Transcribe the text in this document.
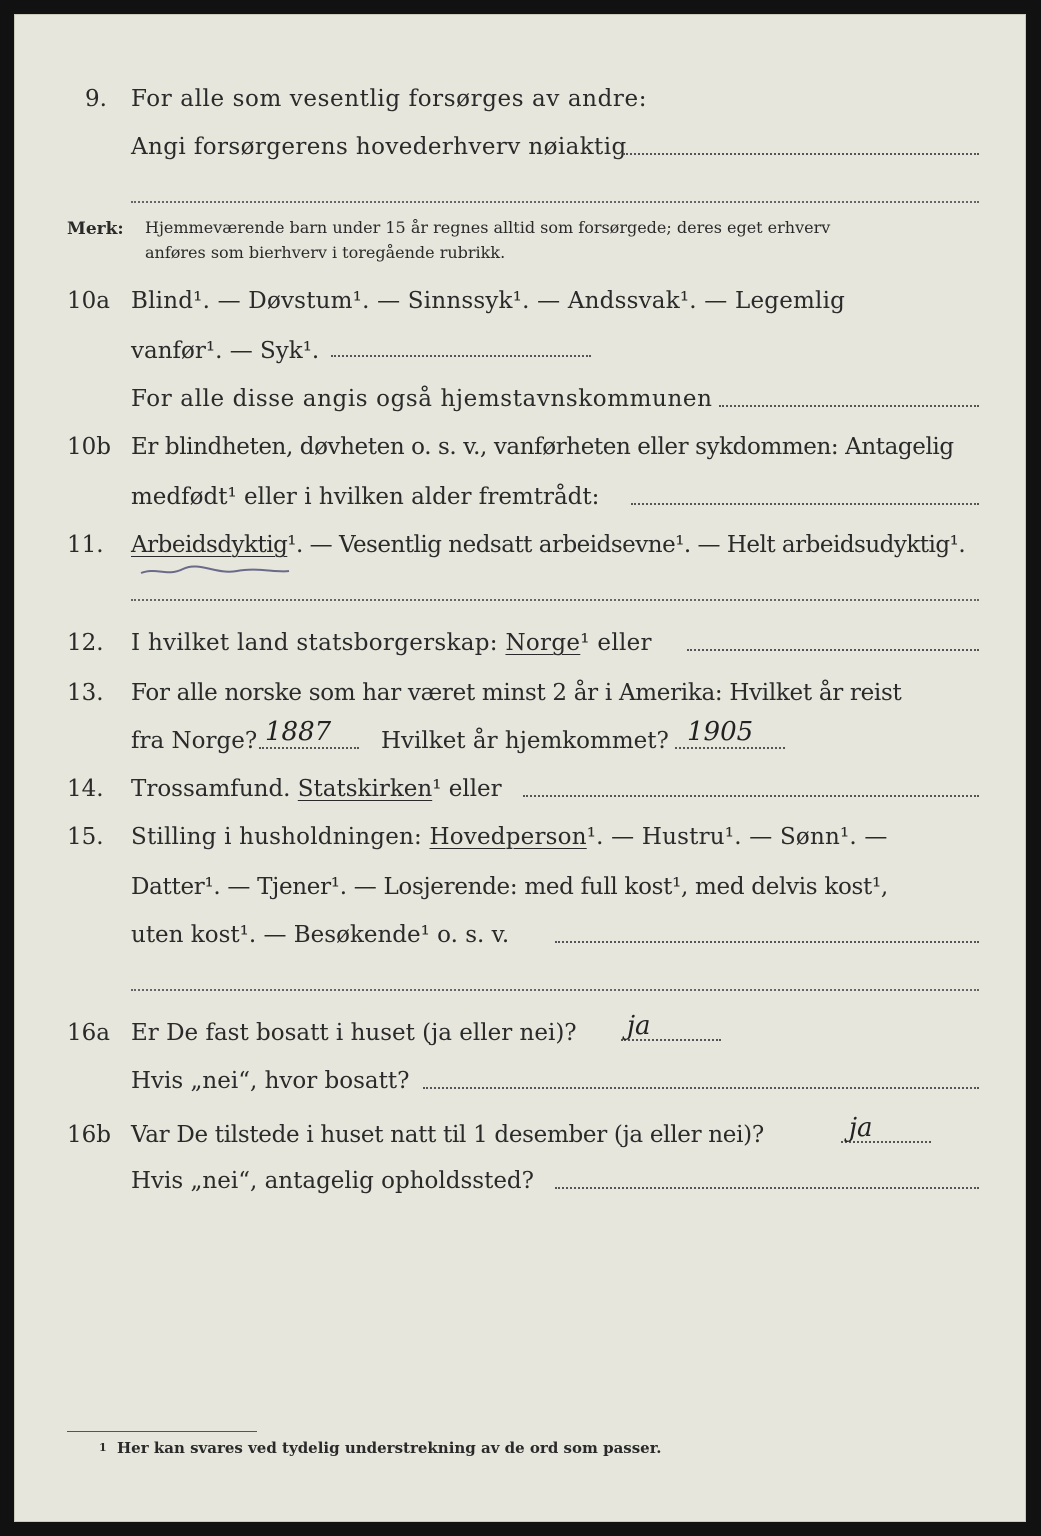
9. For alle som vesentlig forsørges av andre:
Angi forsørgerens hovederhverv nøiaktig
Merk: Hjemmeværende barn under 15 år regnes alltid som forsørgede; deres eget erhverv
anføres som bierhverv i toregående rubrikk.
10a Blind¹. — Døvstum¹. — Sinnssyk¹. — Andssvak¹. — Legemlig
vanfør¹. — Syk¹.
For alle disse angis også hjemstavnskommunen
10b Er blindheten, døvheten o. s. v., vanførheten eller sykdommen: Antagelig
medfødt¹ eller i hvilken alder fremtrådt:
11. Arbeidsdyktig¹. — Vesentlig nedsatt arbeidsevne¹. — Helt arbeidsudyktig¹.
12. I hvilket land statsborgerskap: Norge¹ eller
13. For alle norske som har været minst 2 år i Amerika: Hvilket år reist
fra Norge? 1887 Hvilket år hjemkommet? 1905
14. Trossamfund. Statskirken¹ eller
15. Stilling i husholdningen: Hovedperson¹. — Hustru¹. — Sønn¹. —
Datter¹. — Tjener¹. — Losjerende: med full kost¹, med delvis kost¹,
uten kost¹. — Besøkende¹ o. s. v.
16a Er De fast bosatt i huset (ja eller nei)? ja
Hvis „nei“, hvor bosatt?
16b Var De tilstede i huset natt til 1 desember (ja eller nei)?	ja
Hvis „nei“, antagelig opholdssted?
1 Her kan svares ved tydelig understrekning av de ord som passer.
